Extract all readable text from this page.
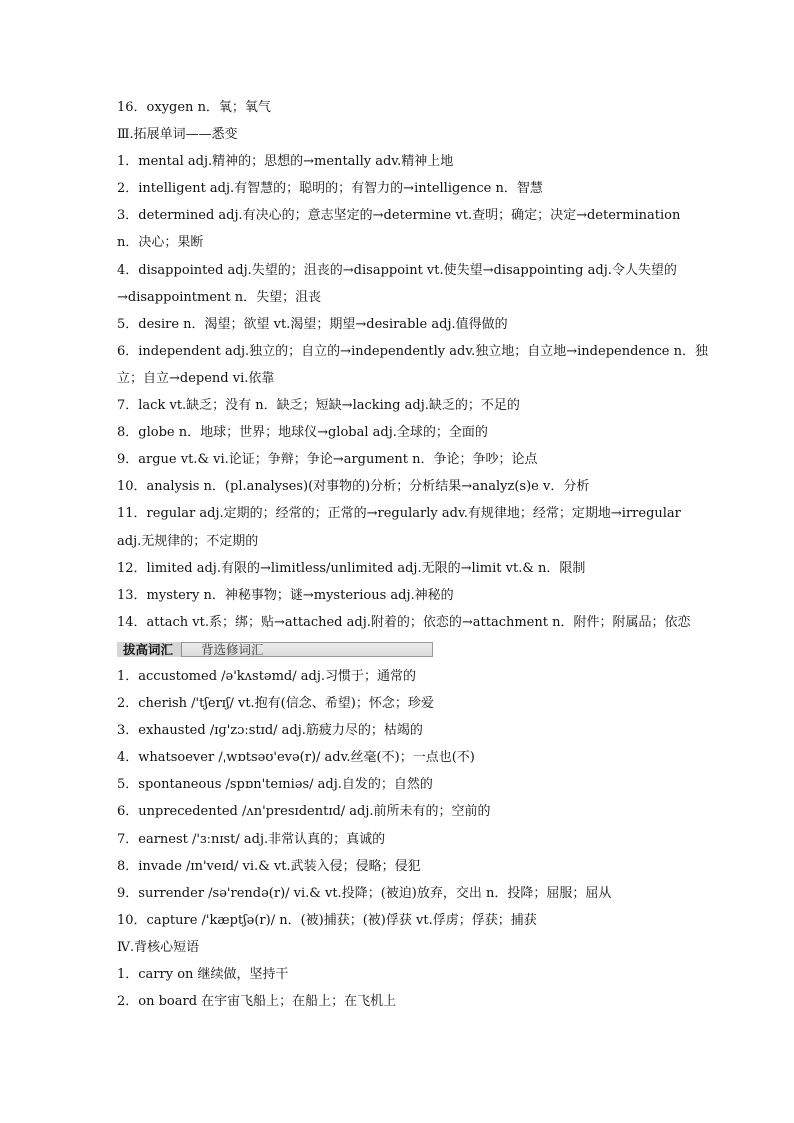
16．oxygen n．氧；氧气
Ⅲ.拓展单词——悉变
1．mental adj.精神的；思想的→mentally adv.精神上地
2．intelligent adj.有智慧的；聪明的；有智力的→intelligence n．智慧
3．determined adj.有决心的；意志坚定的→determine vt.查明；确定；决定→determination
n．决心；果断
4．disappointed adj.失望的；沮丧的→disappoint vt.使失望→disappointing adj.令人失望的
→disappointment n．失望；沮丧
5．desire n．渴望；欲望 vt.渴望；期望→desirable adj.值得做的
6．independent adj.独立的；自立的→independently adv.独立地；自立地→independence n．独
立；自立→depend vi.依靠
7．lack vt.缺乏；没有 n．缺乏；短缺→lacking adj.缺乏的；不足的
8．globe n．地球；世界；地球仪→global adj.全球的；全面的
9．argue vt.& vi.论证；争辩；争论→argument n．争论；争吵；论点
10．analysis n．(pl.analyses)(对事物的)分析；分析结果→analyz(s)e v．分析
11．regular adj.定期的；经常的；正常的→regularly adv.有规律地；经常；定期地→irregular
adj.无规律的；不定期的
12．limited adj.有限的→limitless/unlimited adj.无限的→limit vt.& n．限制
13．mystery n．神秘事物；谜→mysterious adj.神秘的
14．attach vt.系；绑；贴→attached adj.附着的；依恋的→attachment n．附件；附属品；依恋
拔高词汇	背选修词汇
1．accustomed /ə'kʌstəmd/ adj.习惯于；通常的
2．cherish /'tʃerɪʃ/ vt.抱有(信念、希望)；怀念；珍爱
3．exhausted /ɪɡ'zɔːstɪd/ adj.筋疲力尽的；枯竭的
4．whatsoever /ˌwɒtsəʊ'evə(r)/ adv.丝毫(不)；一点也(不)
5．spontaneous /spɒn'teɪniəs/ adj.自发的；自然的
6．unprecedented /ʌn'presɪdentɪd/ adj.前所未有的；空前的
7．earnest /'ɜːnɪst/ adj.非常认真的；真诚的
8．invade /ɪn'veɪd/ vi.& vt.武装入侵；侵略；侵犯
9．surrender /sə'rendə(r)/ vi.& vt.投降；(被迫)放弃，交出 n．投降；屈服；屈从
10．capture /'kæptʃə(r)/ n．(被)捕获；(被)俘获 vt.俘虏；俘获；捕获
Ⅳ.背核心短语
1．carry on 继续做，坚持干
2．on board 在宇宙飞船上；在船上；在飞机上
